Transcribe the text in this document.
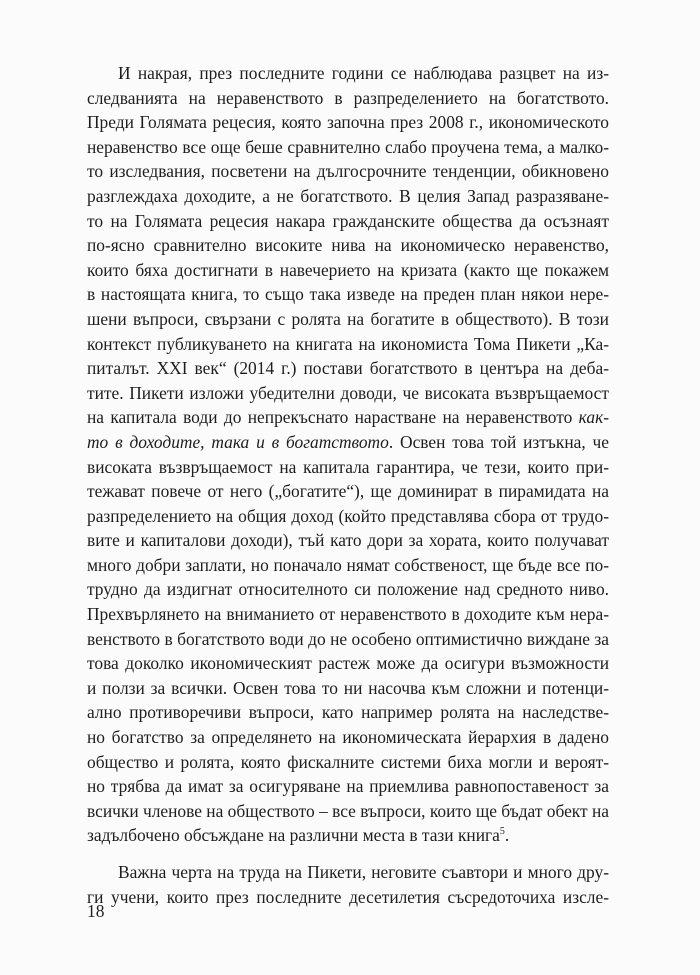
И накрая, през последните години се наблюдава разцвет на из-
следванията на неравенството в разпределението на богатството.
Преди Голямата рецесия, която започна през 2008 г., икономическото
неравенство все още беше сравнително слабо проучена тема, а малко-
то изследвания, посветени на дългосрочните тенденции, обикновено
разглеждаха доходите, а не богатството. В целия Запад разразяване-
то на Голямата рецесия накара гражданските общества да осъзнаят
по-ясно сравнително високите нива на икономическо неравенство,
които бяха достигнати в навечерието на кризата (както ще покажем
в настоящата книга, то също така изведе на преден план някои нере-
шени въпроси, свързани с ролята на богатите в обществото). В този
контекст публикуването на книгата на икономиста Тома Пикети „Ка-
питалът. XXI век“ (2014 г.) постави богатството в центъра на деба-
тите. Пикети изложи убедителни доводи, че високата възвръщаемост
на капитала води до непрекъснато нарастване на неравенството как-
то в доходите, така и в богатството. Освен това той изтъкна, че
високата възвръщаемост на капитала гарантира, че тези, които при-
тежават повече от него („богатите“), ще доминират в пирамидата на
разпределението на общия доход (който представлява сбора от трудо-
вите и капиталови доходи), тъй като дори за хората, които получават
много добри заплати, но поначало нямат собственост, ще бъде все по-
трудно да издигнат относителното си положение над средното ниво.
Прехвърлянето на вниманието от неравенството в доходите към нера-
венството в богатството води до не особено оптимистично виждане за
това доколко икономическият растеж може да осигури възможности
и ползи за всички. Освен това то ни насочва към сложни и потенци-
ално противоречиви въпроси, като например ролята на наследстве-
но богатство за определянето на икономическата йерархия в дадено
общество и ролята, която фискалните системи биха могли и вероят-
но трябва да имат за осигуряване на приемлива равнопоставеност за
всички членове на обществото – все въпроси, които ще бъдат обект на
задълбочено обсъждане на различни места в тази книга$^5$.
Важна черта на труда на Пикети, неговите съавтори и много дру-
ги учени, които през последните десетилетия съсредоточиха изсле-
18
